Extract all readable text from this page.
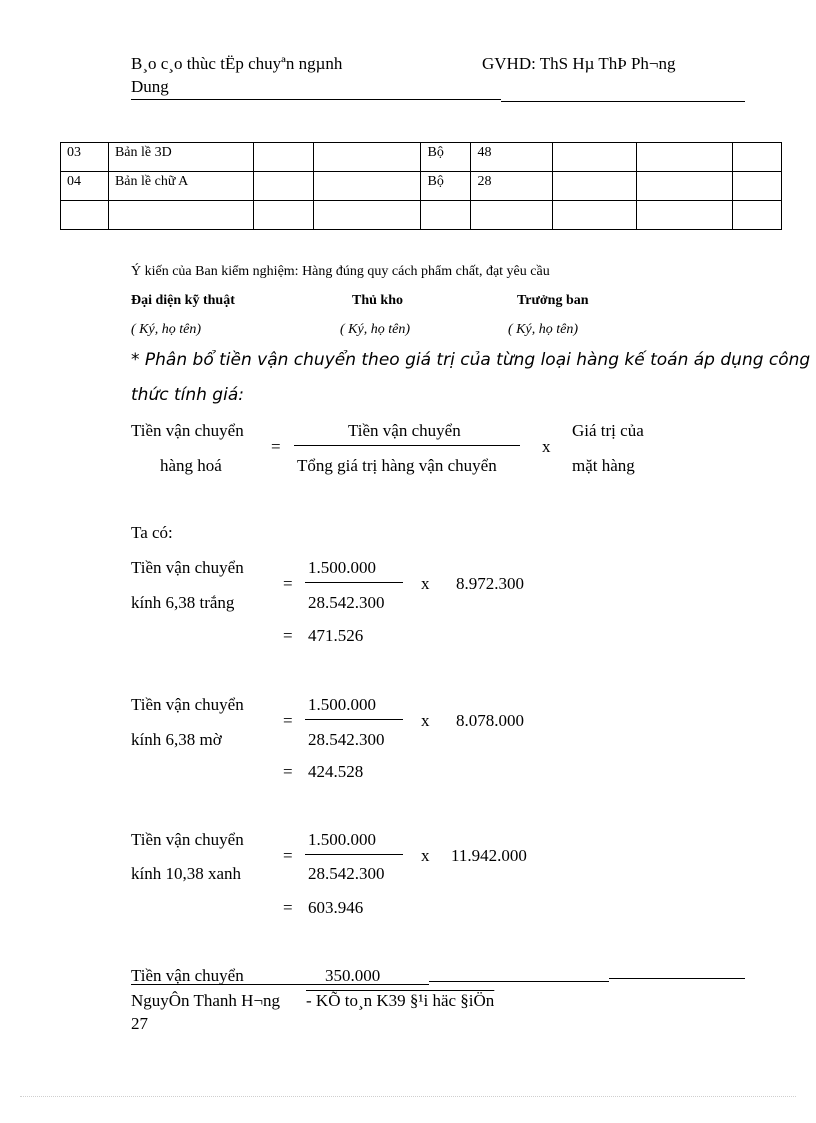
B¸o c¸o thùc tËp chuyªn ngµnh	GVHD: ThS Hµ ThÞ Ph¬ng
Dung
03	Bản lề 3D			Bộ	48			
04	Bản lề chữ A			Bộ	28			

Ý kiến của Ban kiểm nghiệm: Hàng đúng quy cách phẩm chất, đạt yêu cầu
Đại diện kỹ thuật	Thủ kho	Trưởng ban
( Ký, họ tên)	( Ký, họ tên)	( Ký, họ tên)
* Phân bổ tiền vận chuyển theo giá trị của từng loại hàng kế toán áp dụng công
thức tính giá:
Tiền vận chuyển
hàng hoá
=
Tiền vận chuyển
Tổng giá trị hàng vận chuyển
x
Giá trị của
mặt hàng
Ta có:
Tiền vận chuyển
kính 6,38 trắng
=
1.500.000
28.542.300
x 8.972.300
= 471.526
Tiền vận chuyển
kính 6,38 mờ
=
1.500.000
28.542.300
x 8.078.000
= 424.528
Tiền vận chuyển
kính 10,38 xanh
=
1.500.000
28.542.300
x 11.942.000
= 603.946
Tiền vận chuyển	350.000
NguyÔn Thanh H¬ng - KÕ to¸n K39 §¹i häc §iÖn
27
